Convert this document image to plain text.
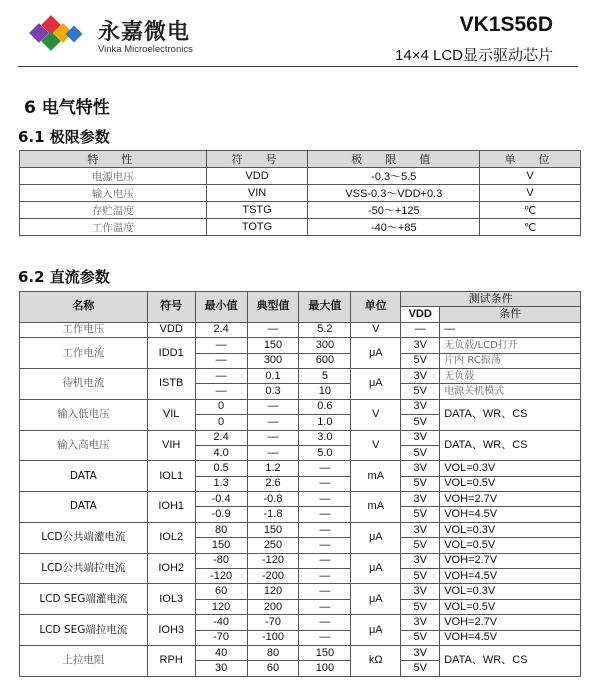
永嘉微电
Vinka Microelectronics
VK1S56D
14×4 LCD显示驱动芯片
6 电气特性
6.1 极限参数
特　性	符　号	极　限　值	单　位
电源电压	VDD	-0.3～5.5	V
输入电压	VIN	VSS-0.3～VDD+0.3	V
存贮温度	TSTG	-50～+125	℃
工作温度	TOTG	-40～+85	℃
6.2 直流参数
名称	符号	最小值	典型值	最大值	单位	测试条件	
						VDD	条件
工作电压	VDD	2.4	—	5.2	V	—	—
工作电流	IDD1	—	150	300	μA	3V	无负载/LCD打开
		—	300	600		5V	片内 RC振荡
待机电流	ISTB	—	0.1	5	μA	3V	无负载
		—	0.3	10		5V	电源关机模式
输入低电压	VIL	0	—	0.6	V	3V	DATA、WR、CS
		0	—	1.0		5V	
输入高电压	VIH	2.4	—	3.0	V	3V	DATA、WR、CS
		4.0	—	5.0		5V	
DATA	IOL1	0.5	1.2	—	mA	3V	VOL=0.3V
		1.3	2.6	—		5V	VOL=0.5V
DATA	IOH1	-0.4	-0.8	—	mA	3V	VOH=2.7V
		-0.9	-1.8	—		5V	VOH=4.5V
LCD公共端灌电流	IOL2	80	150	—	μA	3V	VOL=0.3V
		150	250	—		5V	VOL=0.5V
LCD公共端拉电流	IOH2	-80	-120	—	μA	3V	VOH=2.7V
		-120	-200	—		5V	VOH=4.5V
LCD SEG端灌电流	IOL3	60	120	—	μA	3V	VOL=0.3V
		120	200	—		5V	VOL=0.5V
LCD SEG端拉电流	IOH3	-40	-70	—	μA	3V	VOH=2.7V
		-70	-100	—		5V	VOH=4.5V
上拉电阻	RPH	40	80	150	kΩ	3V	DATA、WR、CS
		30	60	100		5V	
